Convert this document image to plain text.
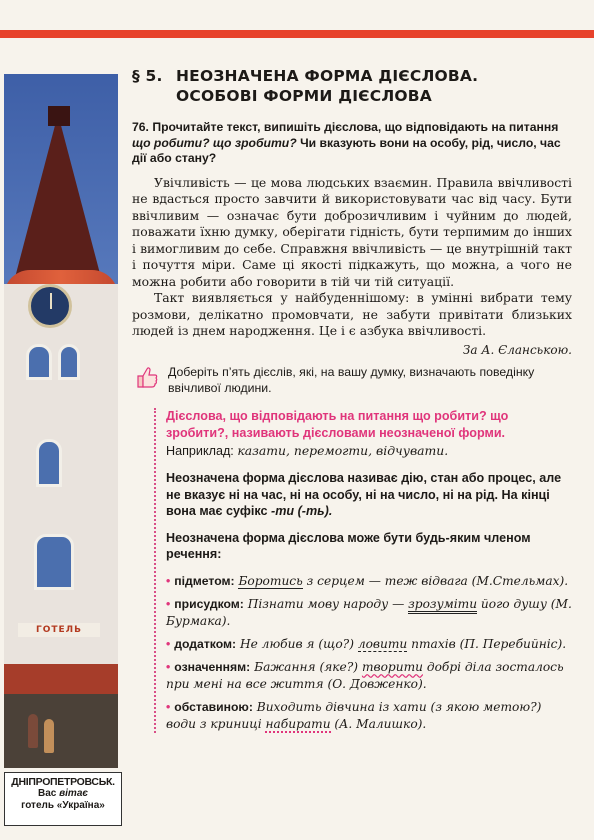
ГОТЕЛЬ
ДНІПРОПЕТРОВСЬК.
Вас вітає
готель «Україна»
§ 5. НЕОЗНАЧЕНА ФОРМА ДІЄСЛОВА.
ОСОБОВІ ФОРМИ ДІЄСЛОВА
76. Прочитайте текст, випишіть дієслова, що відповідають на питання що робити? що зробити? Чи вказують вони на особу, рід, число, час дії або стану?

Увічливість — це мова людських взаємин. Правила ввічливості не вдасться просто завчити й використовувати час від часу. Бути ввічливим — означає бути доброзичливим і чуйним до людей, поважати їхню думку, оберігати гідність, бути терпимим до інших і вимогливим до себе. Справжня ввічливість — це внутрішній такт і почуття міри. Саме ці якості підкажуть, що можна, а чого не можна робити або говорити в тій чи тій ситуації.

Такт виявляється у найбуденнішому: в умінні вибрати тему розмови, делікатно промовчати, не забути привітати близьких людей із днем народження. Це і є азбука ввічливості.

За А. Єланською.
Доберіть п’ять дієслів, які, на вашу думку, визначають поведінку ввічливої людини.
Дієслова, що відповідають на питання що робити? що зробити?, називають дієсловами неозначеної форми. Наприклад: казати, перемогти, відчувати.
Неозначена форма дієслова називає дію, стан або процес, але не вказує ні на час, ні на особу, ні на число, ні на рід. На кінці вона має суфікс -ти (-ть).
Неозначена форма дієслова може бути будь-яким членом речення:
• підметом: Боротись з серцем — теж відвага (М.Стельмах).
• присудком: Пізнати мову народу — зрозуміти його душу (М. Бурмака).
• додатком: Не любив я (що?) ловити птахів (П. Перебийніс).
• означенням: Бажання (яке?) творити добрі діла зосталось при мені на все життя (О. Довженко).
• обставиною: Виходить дівчина із хати (з якою метою?) води з криниці набирати (А. Малишко).
